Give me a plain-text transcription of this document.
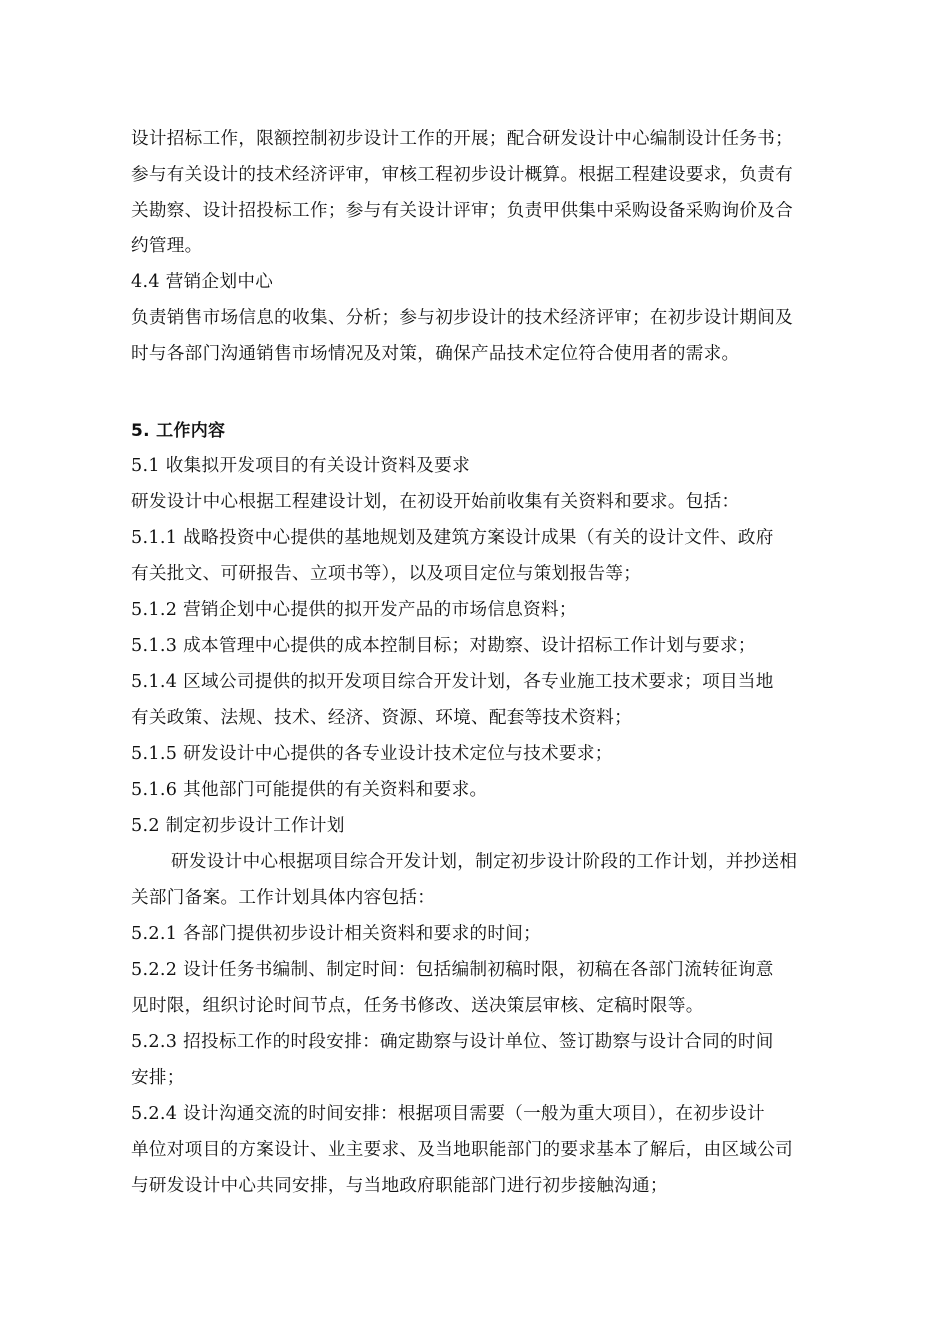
设计招标工作，限额控制初步设计工作的开展；配合研发设计中心编制设计任务书；
参与有关设计的技术经济评审，审核工程初步设计概算。根据工程建设要求，负责有
关勘察、设计招投标工作；参与有关设计评审；负责甲供集中采购设备采购询价及合
约管理。
4.4 营销企划中心
负责销售市场信息的收集、分析；参与初步设计的技术经济评审；在初步设计期间及
时与各部门沟通销售市场情况及对策，确保产品技术定位符合使用者的需求。
5. 工作内容
5.1 收集拟开发项目的有关设计资料及要求
研发设计中心根据工程建设计划，在初设开始前收集有关资料和要求。包括：
5.1.1 战略投资中心提供的基地规划及建筑方案设计成果（有关的设计文件、政府
有关批文、可研报告、立项书等），以及项目定位与策划报告等；
5.1.2 营销企划中心提供的拟开发产品的市场信息资料；
5.1.3 成本管理中心提供的成本控制目标；对勘察、设计招标工作计划与要求；
5.1.4 区域公司提供的拟开发项目综合开发计划，各专业施工技术要求；项目当地
有关政策、法规、技术、经济、资源、环境、配套等技术资料；
5.1.5 研发设计中心提供的各专业设计技术定位与技术要求；
5.1.6 其他部门可能提供的有关资料和要求。
5.2 制定初步设计工作计划
研发设计中心根据项目综合开发计划，制定初步设计阶段的工作计划，并抄送相
关部门备案。工作计划具体内容包括：
5.2.1 各部门提供初步设计相关资料和要求的时间；
5.2.2 设计任务书编制、制定时间：包括编制初稿时限，初稿在各部门流转征询意
见时限，组织讨论时间节点，任务书修改、送决策层审核、定稿时限等。
5.2.3 招投标工作的时段安排：确定勘察与设计单位、签订勘察与设计合同的时间
安排；
5.2.4 设计沟通交流的时间安排：根据项目需要（一般为重大项目），在初步设计
单位对项目的方案设计、业主要求、及当地职能部门的要求基本了解后，由区域公司
与研发设计中心共同安排，与当地政府职能部门进行初步接触沟通；
